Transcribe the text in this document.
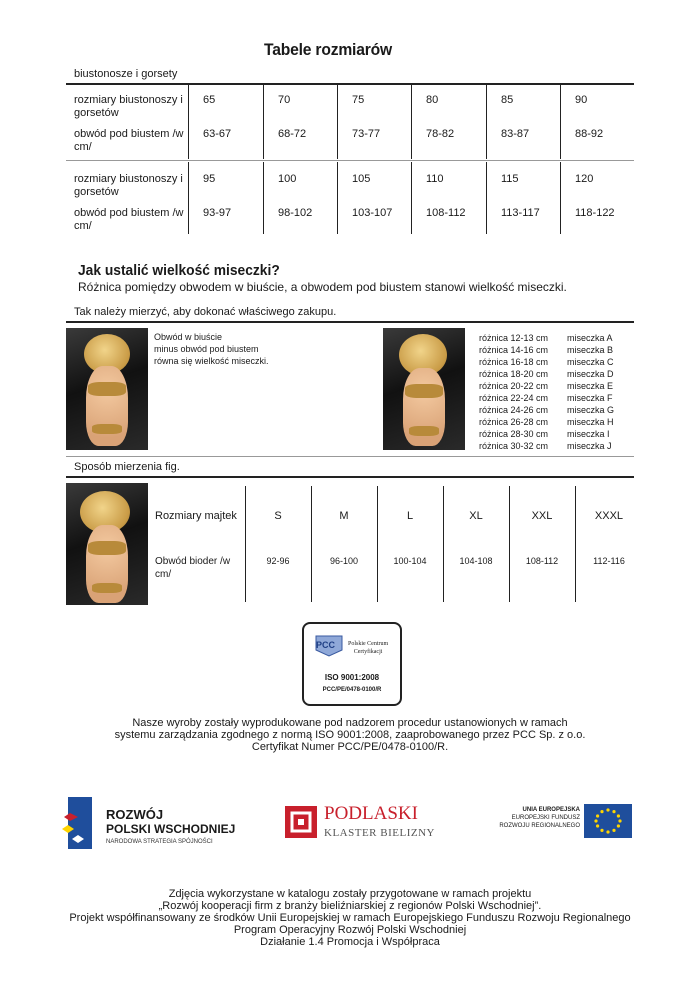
Tabele rozmiarów
biustonosze i gorsety
rozmiary biustonoszy i gorsetów
65	70	75	80	85	90
obwód pod biustem /w cm/
63-67	68-72	73-77	78-82	83-87	88-92
rozmiary biustonoszy i gorsetów
95	100	105	110	115	120
obwód pod biustem /w cm/
93-97	98-102	103-107	108-112	113-117	118-122
Jak ustalić wielkość miseczki?
Różnica pomiędzy obwodem w biuście, a obwodem pod biustem stanowi wielkość miseczki.
Tak należy mierzyć, aby dokonać właściwego zakupu.
Obwód w biuście
minus obwód pod biustem
równa się wielkość miseczki.
różnica 12-13 cm miseczka A
różnica 14-16 cm miseczka B
różnica 16-18 cm miseczka C
różnica 18-20 cm miseczka D
różnica 20-22 cm miseczka E
różnica 22-24 cm miseczka F
różnica 24-26 cm miseczka G
różnica 26-28 cm miseczka H
różnica 28-30 cm miseczka I
różnica 30-32 cm miseczka J
Sposób mierzenia fig.
Rozmiary majtek	S	M	L	XL	XXL	XXXL
Obwód bioder /w cm/
92-96	96-100	100-104	104-108	108-112	112-116
PCC Polskie Centrum
Certyfikacji
ISO 9001:2008
PCC/PE/0478-0100/R
Nasze wyroby zostały wyprodukowane pod nadzorem procedur ustanowionych w ramach
systemu zarządzania zgodnego z normą ISO 9001:2008, zaaprobowanego przez PCC Sp. z o.o.
Certyfikat Numer PCC/PE/0478-0100/R.
ROZWÓJ
POLSKI WSCHODNIEJ
NARODOWA STRATEGIA SPÓJNOŚCI
PODLASKI
KLASTER BIELIZNY
UNIA EUROPEJSKA
EUROPEJSKI FUNDUSZ
ROZWOJU REGIONALNEGO
Zdjęcia wykorzystane w katalogu zostały przygotowane w ramach projektu
„Rozwój kooperacji firm z branży bieliźniarskiej z regionów Polski Wschodniej”.
Projekt współfinansowany ze środków Unii Europejskiej w ramach Europejskiego Funduszu Rozwoju Regionalnego
Program Operacyjny Rozwój Polski Wschodniej
Działanie 1.4 Promocja i Współpraca
